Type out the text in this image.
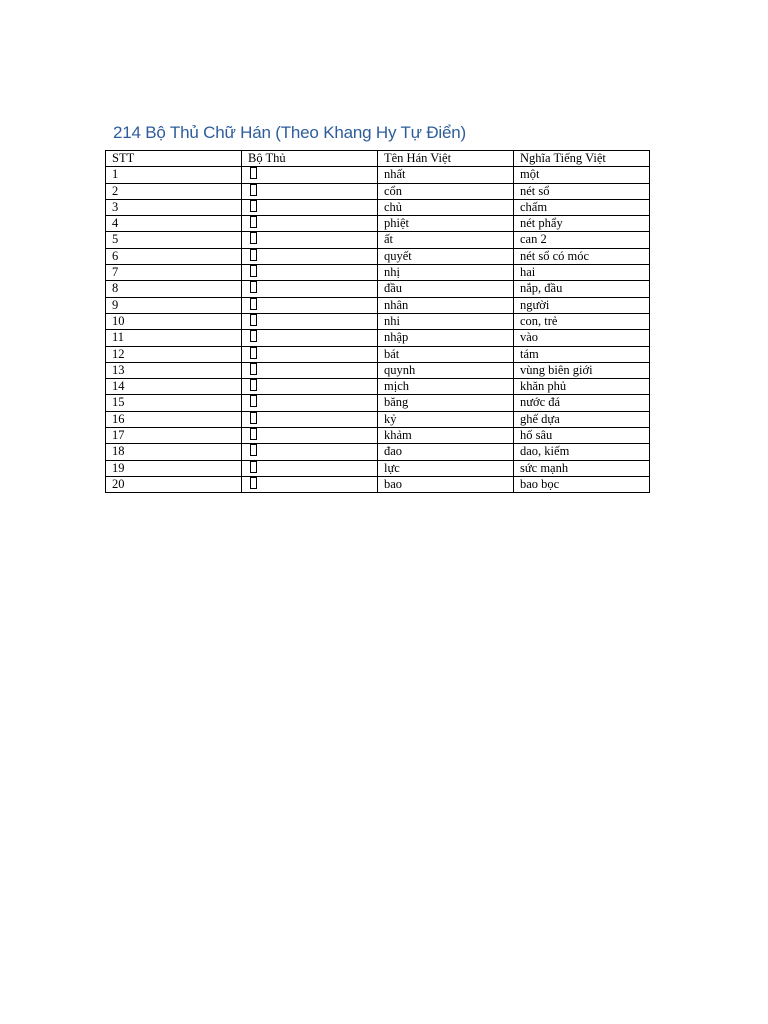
214 Bộ Thủ Chữ Hán (Theo Khang Hy Tự Điển)
STT	Bộ Thủ	Tên Hán Việt	Nghĩa Tiếng Việt
1		nhất	một
2		cổn	nét sổ
3		chủ	chấm
4		phiệt	nét phẩy
5		ất	can 2
6		quyết	nét sổ có móc
7		nhị	hai
8		đầu	nắp, đầu
9		nhân	người
10		nhi	con, trẻ
11		nhập	vào
12		bát	tám
13		quynh	vùng biên giới
14		mịch	khăn phủ
15		băng	nước đá
16		kỷ	ghế dựa
17		khảm	hố sâu
18		đao	dao, kiếm
19		lực	sức mạnh
20		bao	bao bọc
